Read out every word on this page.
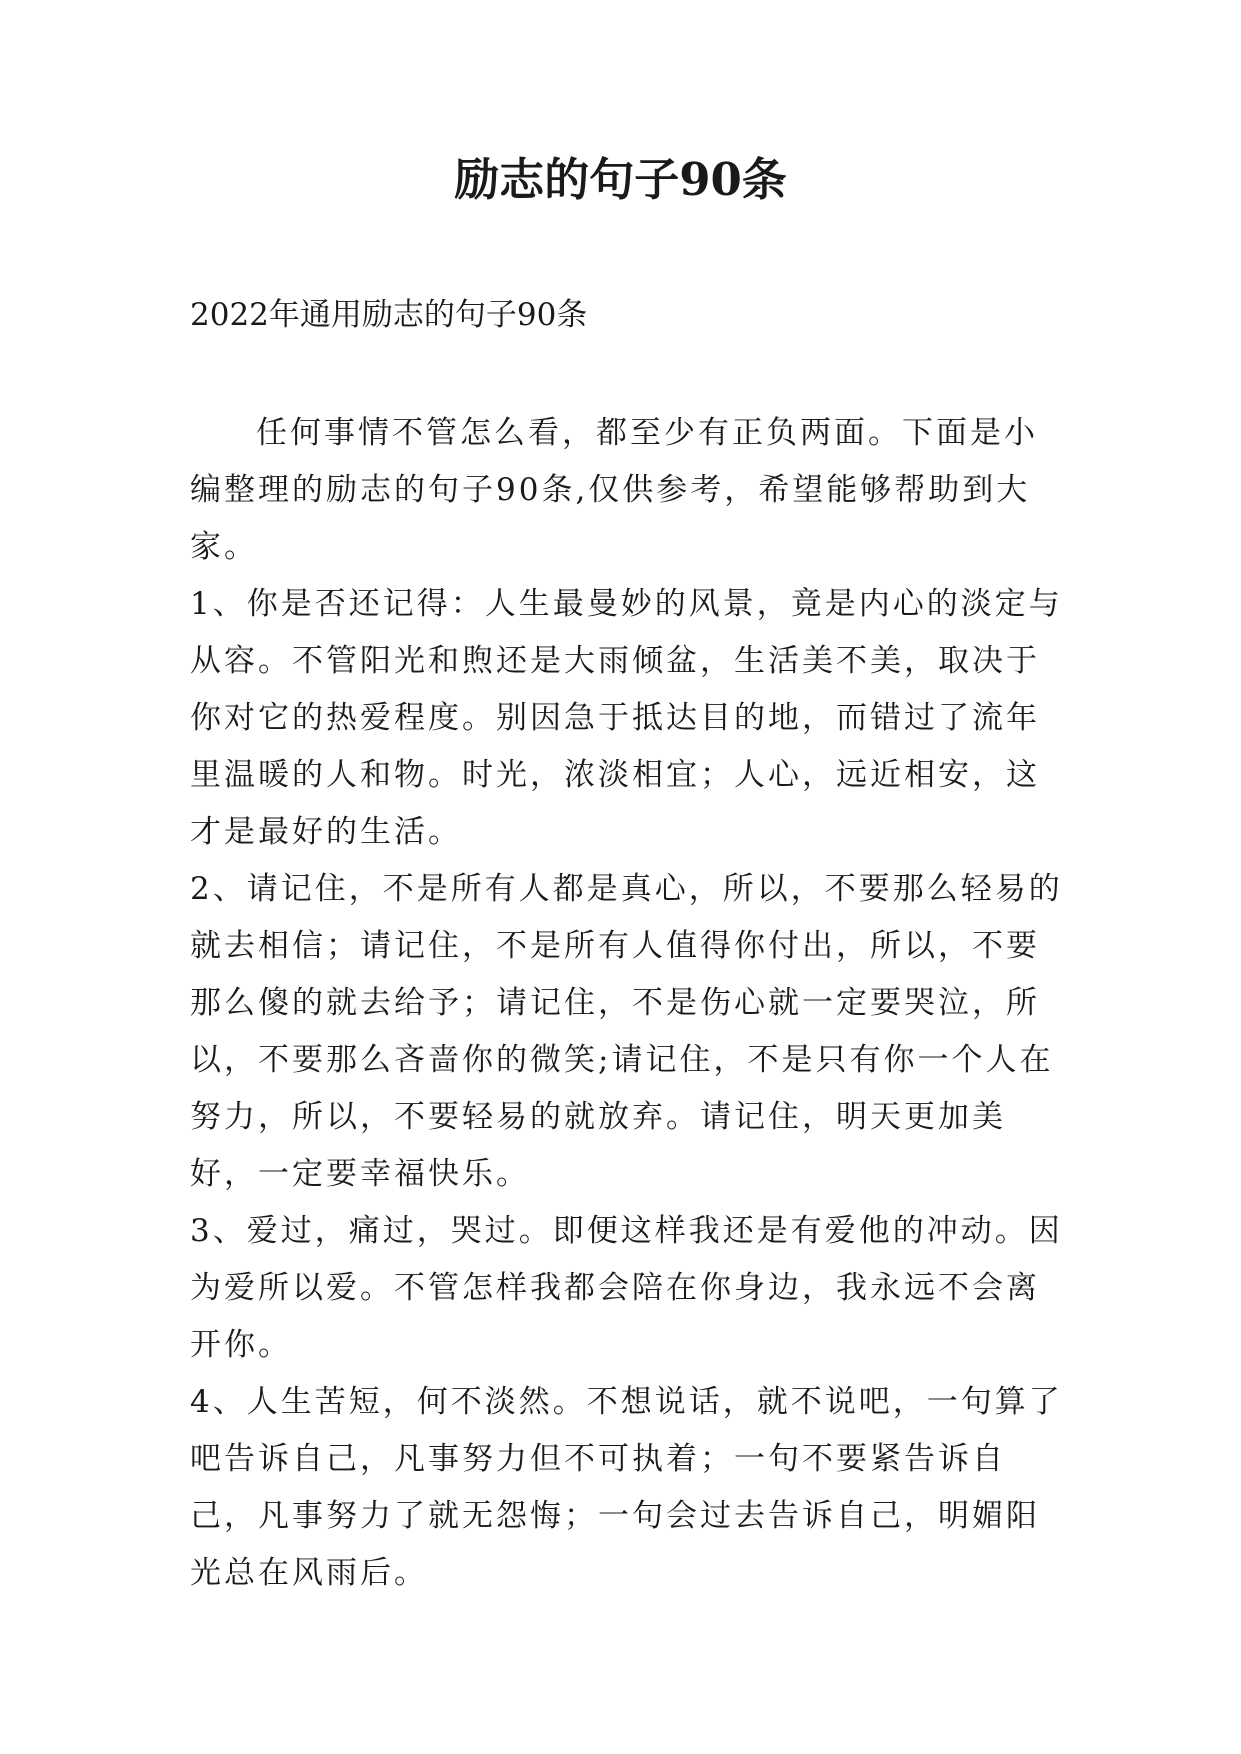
励志的句子90条

2022年通用励志的句子90条

任何事情不管怎么看，都至少有正负两面。下面是小编整理的励志的句子90条,仅供参考，希望能够帮助到大家。

1、你是否还记得：人生最曼妙的风景，竟是内心的淡定与从容。不管阳光和煦还是大雨倾盆，生活美不美，取决于你对它的热爱程度。别因急于抵达目的地，而错过了流年里温暖的人和物。时光，浓淡相宜；人心，远近相安，这才是最好的生活。

2、请记住，不是所有人都是真心，所以，不要那么轻易的就去相信；请记住，不是所有人值得你付出，所以，不要那么傻的就去给予；请记住，不是伤心就一定要哭泣，所以，不要那么吝啬你的微笑;请记住，不是只有你一个人在努力，所以，不要轻易的就放弃。请记住，明天更加美好，一定要幸福快乐。

3、爱过，痛过，哭过。即便这样我还是有爱他的冲动。因为爱所以爱。不管怎样我都会陪在你身边，我永远不会离开你。

4、人生苦短，何不淡然。不想说话，就不说吧，一句算了吧告诉自己，凡事努力但不可执着；一句不要紧告诉自己，凡事努力了就无怨悔；一句会过去告诉自己，明媚阳光总在风雨后。
